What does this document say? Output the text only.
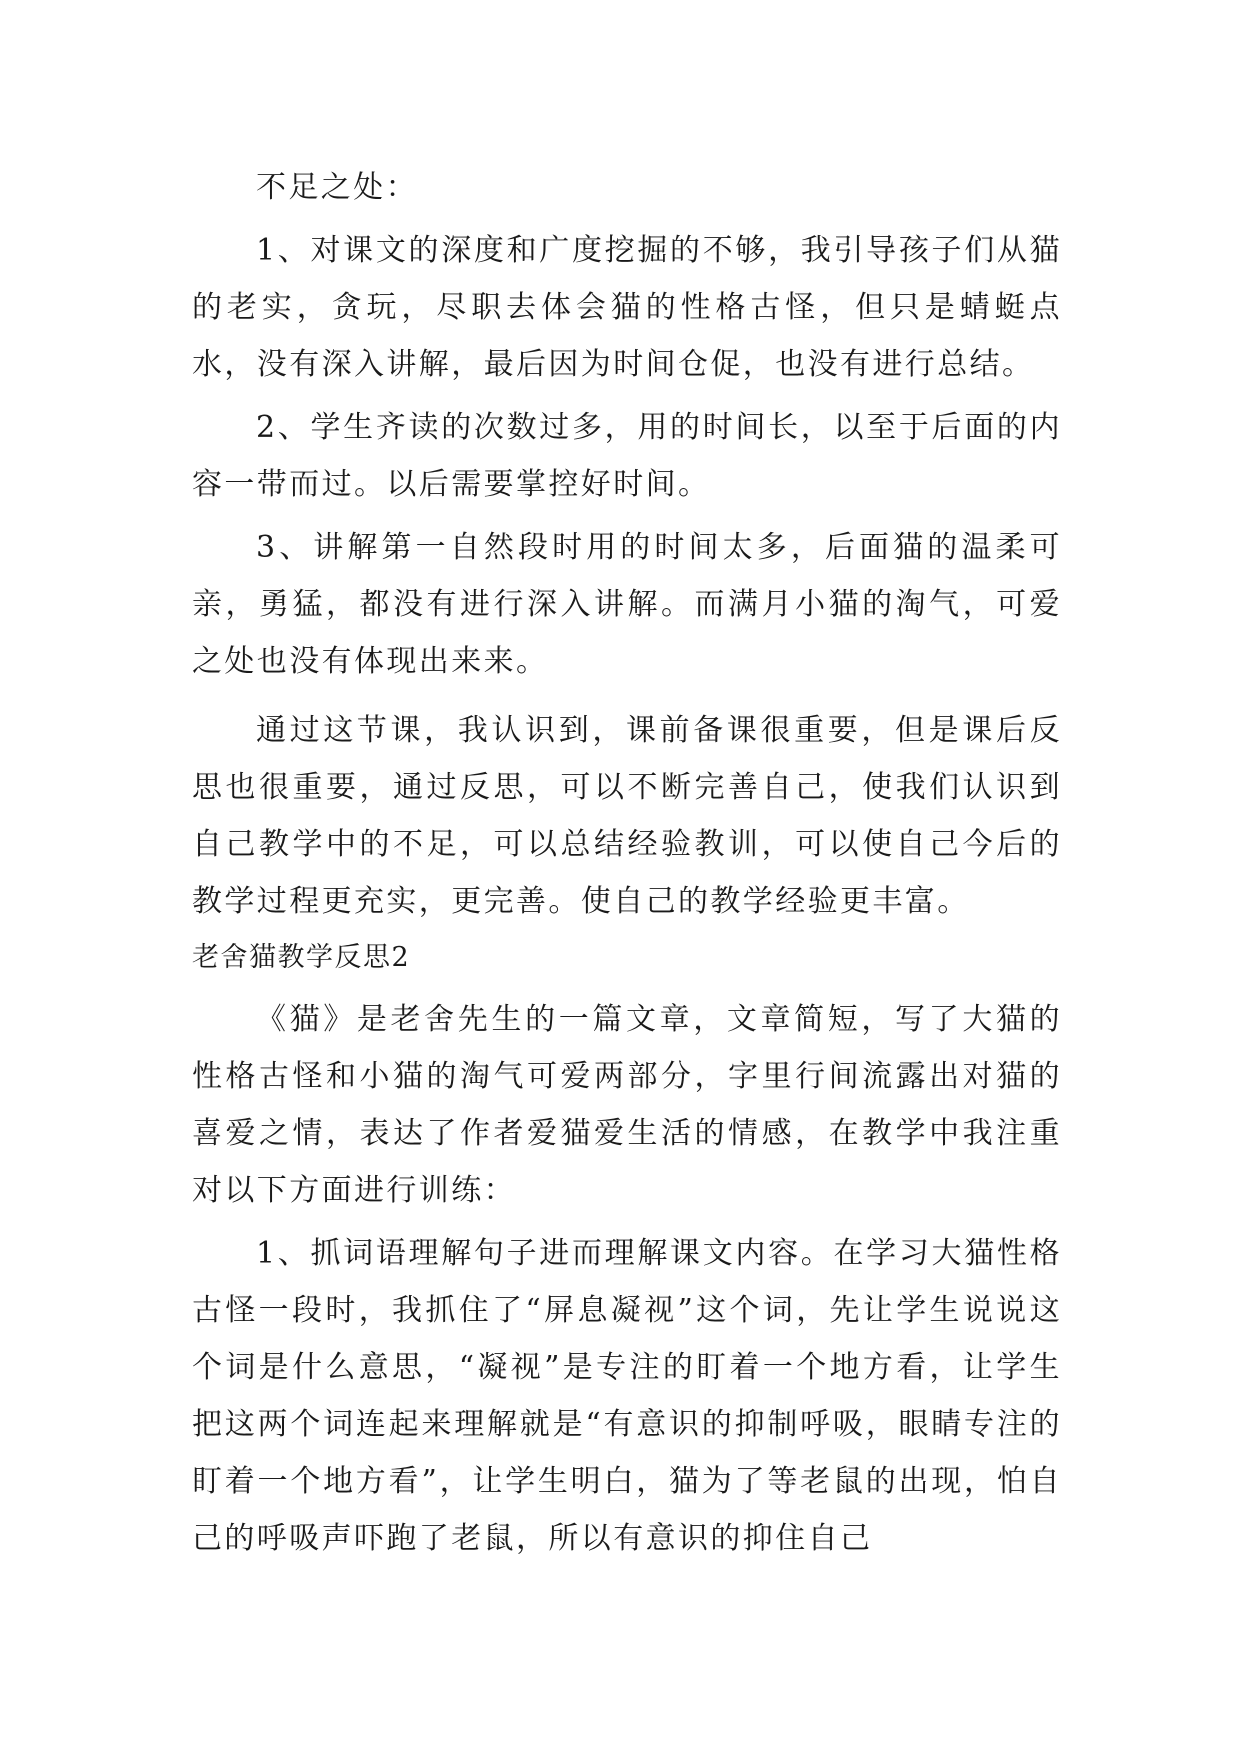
不足之处：

1、对课文的深度和广度挖掘的不够，我引导孩子们从猫的老实，贪玩，尽职去体会猫的性格古怪，但只是蜻蜓点水，没有深入讲解，最后因为时间仓促，也没有进行总结。

2、学生齐读的次数过多，用的时间长，以至于后面的内容一带而过。以后需要掌控好时间。

3、讲解第一自然段时用的时间太多，后面猫的温柔可亲，勇猛，都没有进行深入讲解。而满月小猫的淘气，可爱之处也没有体现出来来。

通过这节课，我认识到，课前备课很重要，但是课后反思也很重要，通过反思，可以不断完善自己，使我们认识到自己教学中的不足，可以总结经验教训，可以使自己今后的教学过程更充实，更完善。使自己的教学经验更丰富。

老舍猫教学反思2

《猫》是老舍先生的一篇文章，文章简短，写了大猫的性格古怪和小猫的淘气可爱两部分，字里行间流露出对猫的喜爱之情，表达了作者爱猫爱生活的情感，在教学中我注重对以下方面进行训练：

1、抓词语理解句子进而理解课文内容。在学习大猫性格古怪一段时，我抓住了“屏息凝视”这个词，先让学生说说这个词是什么意思，“凝视”是专注的盯着一个地方看，让学生把这两个词连起来理解就是“有意识的抑制呼吸，眼睛专注的盯着一个地方看”，让学生明白，猫为了等老鼠的出现，怕自己的呼吸声吓跑了老鼠，所以有意识的抑住自己
